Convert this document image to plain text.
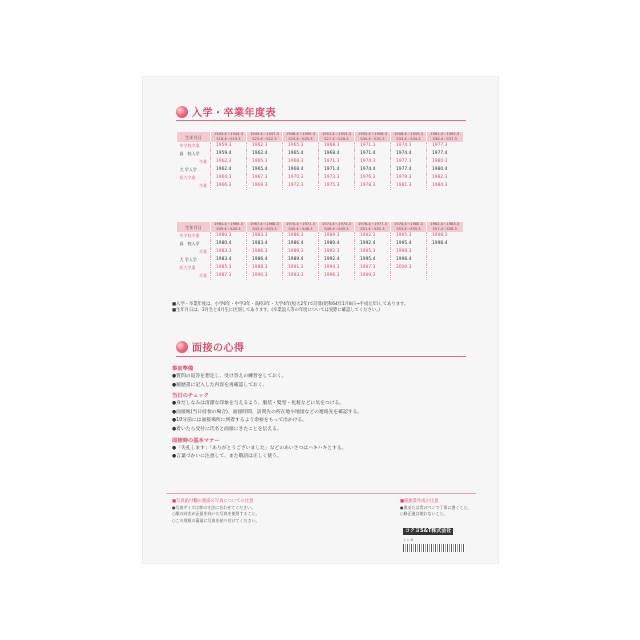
入学・卒業年度表
生年月日	1943.4〜1944.3	1945.4〜1947.3	1948.4〜1950.3	1951.4〜1953.3	1955.4〜1956.3	1958.4〜1959.3	1961.4〜1962.3
	S18.4〜S19.3	S20.4〜S22.3	S24.4〜S25.3	S27.4〜S28.3	S30.4〜S31.3	S33.4〜S34.3	S36.4〜S37.3
中学校卒業	1959.3	1962.3	1965.3	1968.3	1971.3	1974.3	1977.3
高　校入学	1959.4	1962.4	1965.4	1968.4	1971.4	1974.4	1977.4
卒業	1962.3	1965.3	1968.3	1971.3	1974.3	1977.3	1980.3
大 学入学	1962.4	1965.4	1968.4	1971.4	1974.4	1977.4	1980.4
短大卒業	1964.3	1967.3	1970.3	1973.3	1976.3	1979.3	1982.3
卒業	1966.3	1969.3	1972.3	1975.3	1978.3	1981.3	1984.3
生年月日	1964.4〜1965.3	1967.4〜1968.3	1970.4〜1971.3	1973.4〜1974.3	1976.4〜1977.3	1978.4〜1980.3	1982.4〜1983.3
	S39.4〜S40.3	S42.4〜S43.3	S45.4〜S46.3	S48.4〜S49.3	S51.4〜S52.3	S53.4〜S55.3	S57.4〜S58.3
中学校卒業	1980.3	1983.3	1986.3	1989.3	1992.3	1995.3	1998.3
高　校入学	1980.4	1983.4	1986.4	1989.4	1992.4	1995.4	1998.4
卒業	1983.3	1986.3	1989.3	1992.3	1995.3	1998.3	
大 学入学	1983.4	1986.4	1989.4	1992.4	1995.4	1998.4	
短大卒業	1985.3	1988.3	1991.3	1994.3	1997.3	2000.3	
卒業	1987.3	1990.3	1993.3	1996.3	1999.3		
■入学・卒業年度は、小学6年・中学3年・高校3年・大学4年(短大2年)で計算(昭和64年1月8日→平成元年)してあります。
■生年月日は、3月生と4月生に区別してあります。(卒業浪人等の年度については実際に確認してください。)
面接の心得
事前準備
●質問の返答を想定し、受け答えの練習をしておく。
●履歴書に記入した内容を再確認しておく。
当日のチェック
●身だしなみは清潔な印象を与えるよう、服装・髪型・化粧などに気をつける。
●面接地(当日持参の場合)、面接時間、訪問先の所在地や地図などの連絡先を確認する。
●10分前には面接場所に到着するよう余裕をもって出かける。
●着いたら受付に氏名と面接にきたことを伝える。
面接時の基本マナー
●「失礼します」「ありがとうございました」などのあいさつはハキハキとする。
●言葉づかいに注意して、また敬語は正しく使う。
■写真貼付欄の裏面の写真についての注意
●写真サイズは枠の寸法に合わせてください。
○顔の向きが正面を向いた写真を使用すること。
○この用紙の裏面に写真を貼り付けてください。
■履歴書作成の注意
●黒または青のペンで丁寧に書くこと。
○修正液は使わないこと。
コクヨS&T株式会社
シン-5
